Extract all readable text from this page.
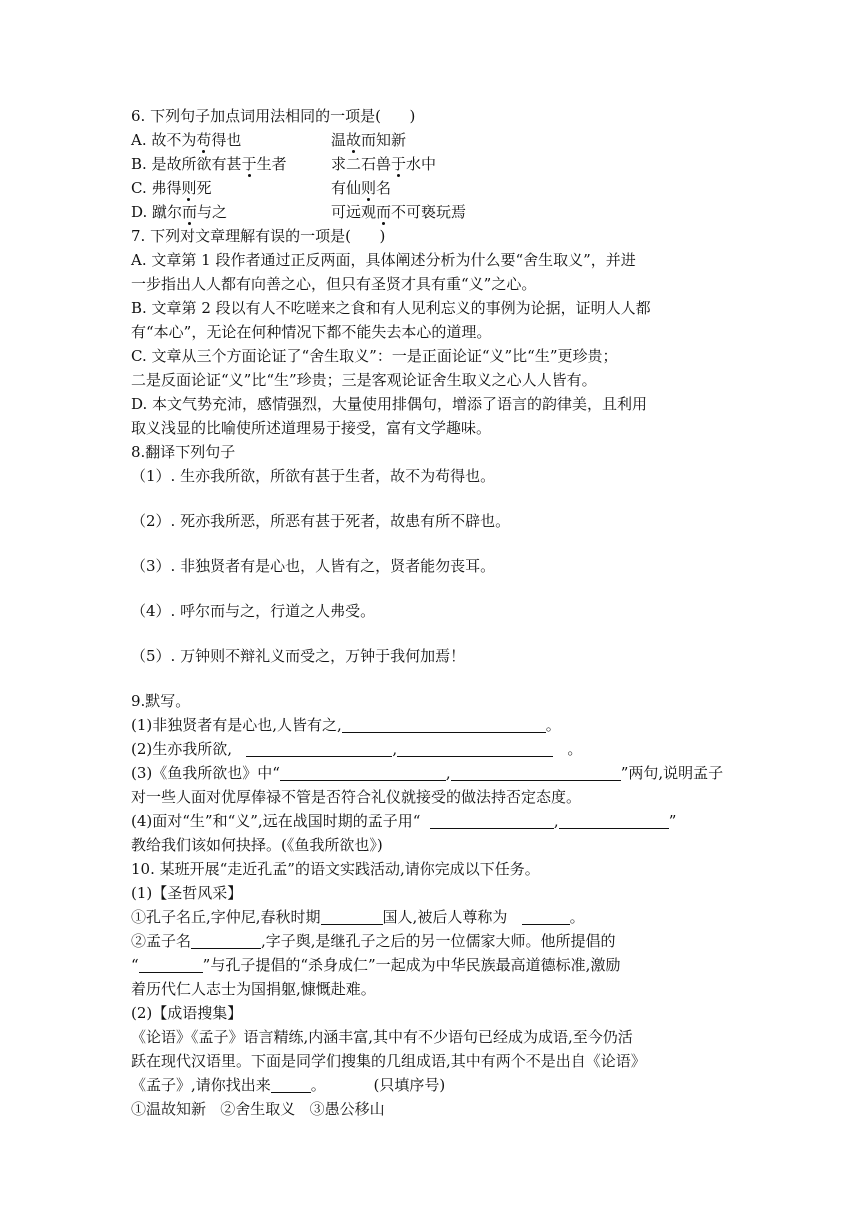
6. 下列句子加点词用法相同的一项是(      )
A. 故不为苟得也	温故而知新
B. 是故所欲有甚于生者	求二石兽于水中
C. 弗得则死	有仙则名
D. 蹴尔而与之	可远观而不可亵玩焉
7. 下列对文章理解有误的一项是(      )
A. 文章第 1 段作者通过正反两面，具体阐述分析为什么要“舍生取义”，并进
一步指出人人都有向善之心，但只有圣贤才具有重“义”之心。
B. 文章第 2 段以有人不吃嗟来之食和有人见利忘义的事例为论据，证明人人都
有“本心”，无论在何种情况下都不能失去本心的道理。
C. 文章从三个方面论证了“舍生取义”：一是正面论证“义”比“生”更珍贵；
二是反面论证“义”比“生”珍贵；三是客观论证舍生取义之心人人皆有。
D. 本文气势充沛，感情强烈，大量使用排偶句，增添了语言的韵律美，且利用
取义浅显的比喻使所述道理易于接受，富有文学趣味。
8.翻译下列句子
（1）. 生亦我所欲，所欲有甚于生者，故不为苟得也。
（2）. 死亦我所恶，所恶有甚于死者，故患有所不辟也。
（3）. 非独贤者有是心也，人皆有之，贤者能勿丧耳。
（4）. 呼尔而与之，行道之人弗受。
（5）. 万钟则不辩礼义而受之，万钟于我何加焉！
9.默写。
(1)非独贤者有是心也,人皆有之,	。
(2)生亦我所欲,	,	。
(3)《鱼我所欲也》中“	,	”两句,说明孟子
对一些人面对优厚俸禄不管是否符合礼仪就接受的做法持否定态度。
(4)面对“生”和“义”,远在战国时期的孟子用“	,	”
教给我们该如何抉择。(《鱼我所欲也》)
10. 某班开展“走近孔孟”的语文实践活动,请你完成以下任务。
(1)【圣哲风采】
①孔子名丘,字仲尼,春秋时期	国人,被后人尊称为	。
②孟子名	,字子舆,是继孔子之后的另一位儒家大师。他所提倡的
“	”与孔子提倡的“杀身成仁”一起成为中华民族最高道德标准,激励
着历代仁人志士为国捐躯,慷慨赴难。
(2)【成语搜集】
《论语》《孟子》语言精练,内涵丰富,其中有不少语句已经成为成语,至今仍活
跃在现代汉语里。下面是同学们搜集的几组成语,其中有两个不是出自《论语》
《孟子》,请你找出来	。          (只填序号)
①温故知新   ②舍生取义   ③愚公移山
